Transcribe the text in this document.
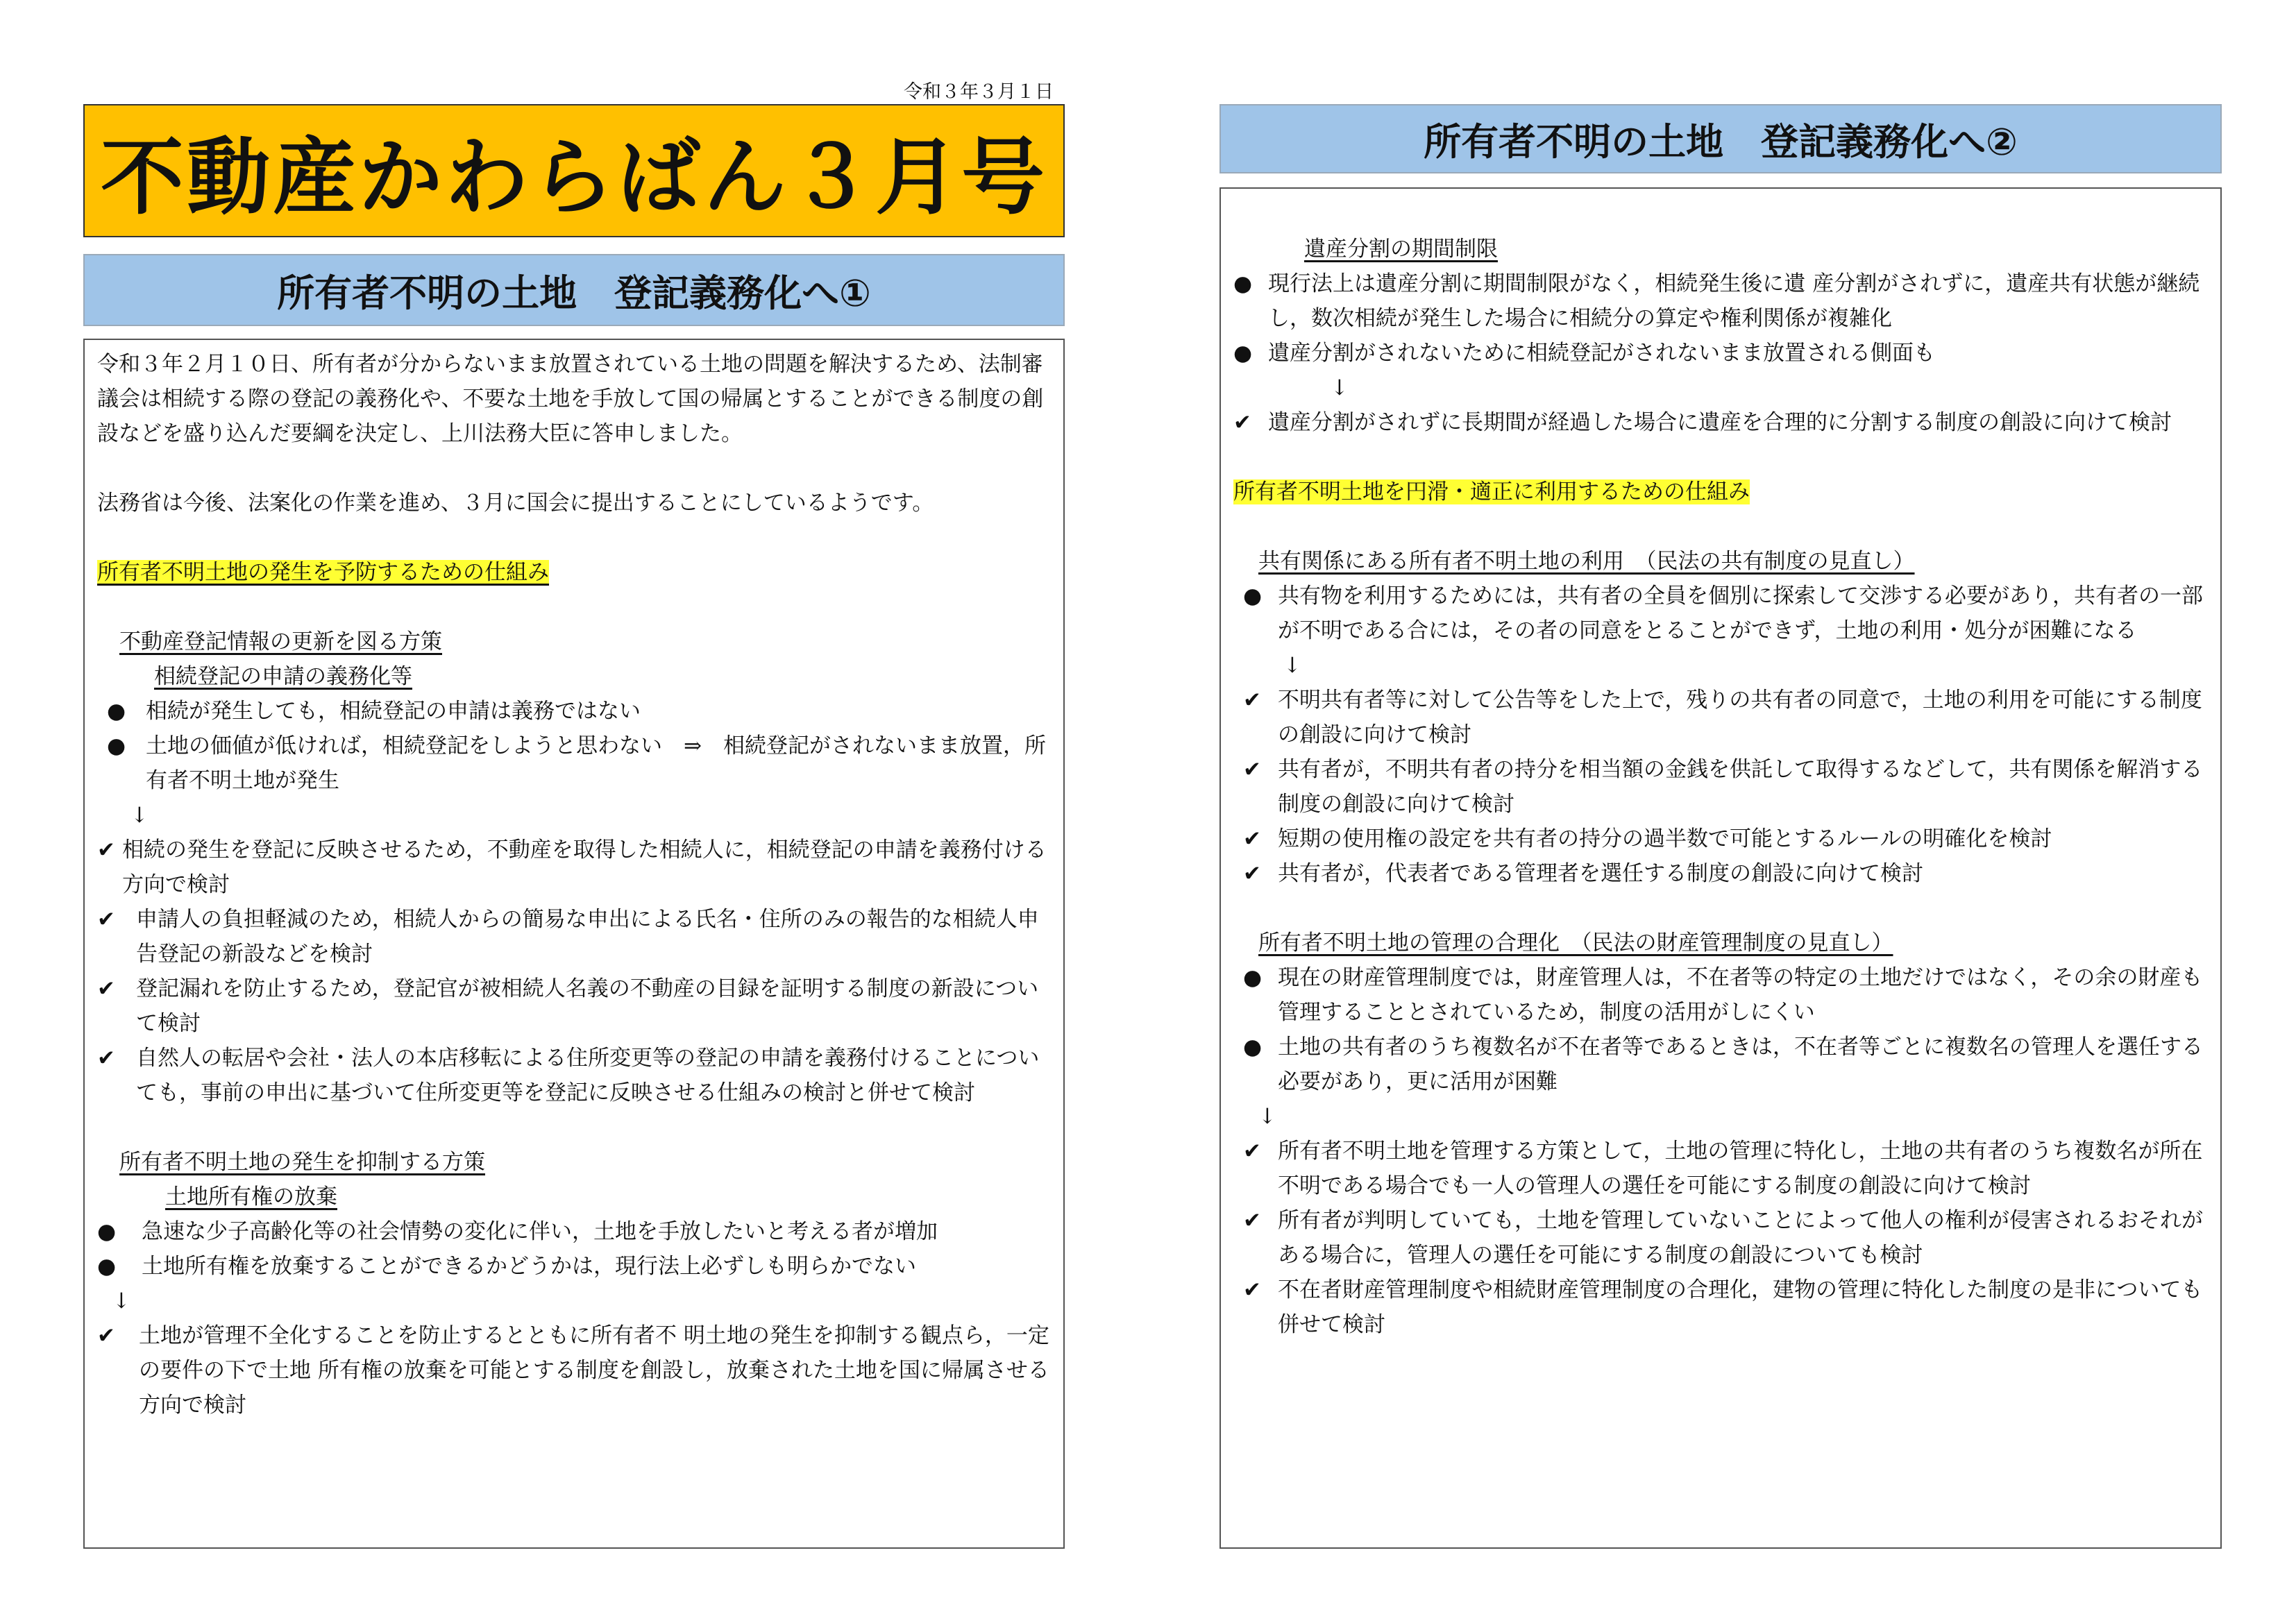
令和３年３月１日
不動産かわらばん３月号
所有者不明の土地　登記義務化へ①

令和３年２月１０日、所有者が分からないまま放置されている土地の問題を解決するため、法制審議会は相続する際の登記の義務化や、不要な土地を手放して国の帰属とすることができる制度の創設などを盛り込んだ要綱を決定し、上川法務大臣に答申しました。

法務省は今後、法案化の作業を進め、３月に国会に提出することにしているようです。

所有者不明土地の発生を予防するための仕組み

不動産登記情報の更新を図る方策

相続登記の申請の義務化等

● 相続が発生しても，相続登記の申請は義務ではない
● 土地の価値が低ければ，相続登記をしようと思わない　⇒　相続登記がされないまま放置，所有者不明土地が発生

↓

✔ 相続の発生を登記に反映させるため，不動産を取得した相続人に，相続登記の申請を義務付ける方向で検討
✔ 申請人の負担軽減のため，相続人からの簡易な申出による氏名・住所のみの報告的な相続人申告登記の新設などを検討
✔ 登記漏れを防止するため，登記官が被相続人名義の不動産の目録を証明する制度の新設について検討
✔ 自然人の転居や会社・法人の本店移転による住所変更等の登記の申請を義務付けることについても，事前の申出に基づいて住所変更等を登記に反映させる仕組みの検討と併せて検討

所有者不明土地の発生を抑制する方策

土地所有権の放棄

●	急速な少子高齢化等の社会情勢の変化に伴い，土地を手放したいと考える者が増加
●	土地所有権を放棄することができるかどうかは，現行法上必ずしも明らかでない

↓

✔	土地が管理不全化することを防止するとともに所有者不 明土地の発生を抑制する観点ら，一定の要件の下で土地 所有権の放棄を可能とする制度を創設し，放棄された土地を国に帰属させる方向で検討
所有者不明の土地　登記義務化へ②

遺産分割の期間制限

● 現行法上は遺産分割に期間制限がなく，相続発生後に遺 産分割がされずに，遺産共有状態が継続し，数次相続が発生した場合に相続分の算定や権利関係が複雑化
● 遺産分割がされないために相続登記がされないまま放置される側面も

↓

✔ 遺産分割がされずに長期間が経過した場合に遺産を合理的に分割する制度の創設に向けて検討

所有者不明土地を円滑・適正に利用するための仕組み

共有関係にある所有者不明土地の利用　（民法の共有制度の見直し）

● 共有物を利用するためには，共有者の全員を個別に探索して交渉する必要があり，共有者の一部が不明である合には，その者の同意をとることができず，土地の利用・処分が困難になる

↓

✔ 不明共有者等に対して公告等をした上で，残りの共有者の同意で，土地の利用を可能にする制度の創設に向けて検討
✔ 共有者が，不明共有者の持分を相当額の金銭を供託して取得するなどして，共有関係を解消する制度の創設に向けて検討
✔ 短期の使用権の設定を共有者の持分の過半数で可能とするルールの明確化を検討
✔ 共有者が，代表者である管理者を選任する制度の創設に向けて検討

所有者不明土地の管理の合理化　（民法の財産管理制度の見直し）

● 現在の財産管理制度では，財産管理人は，不在者等の特定の土地だけではなく，その余の財産も管理することとされているため，制度の活用がしにくい
● 土地の共有者のうち複数名が不在者等であるときは，不在者等ごとに複数名の管理人を選任する必要があり，更に活用が困難

↓

✔ 所有者不明土地を管理する方策として，土地の管理に特化し，土地の共有者のうち複数名が所在不明である場合でも一人の管理人の選任を可能にする制度の創設に向けて検討
✔ 所有者が判明していても，土地を管理していないことによって他人の権利が侵害されるおそれがある場合に，管理人の選任を可能にする制度の創設についても検討
✔ 不在者財産管理制度や相続財産管理制度の合理化，建物の管理に特化した制度の是非についても併せて検討
